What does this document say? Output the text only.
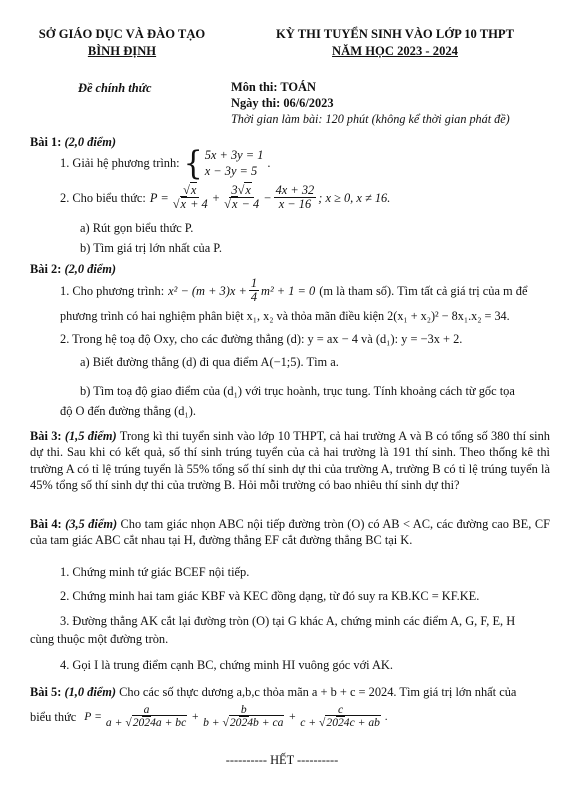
SỞ GIÁO DỤC VÀ ĐÀO TẠO
BÌNH ĐỊNH
KỲ THI TUYỂN SINH VÀO LỚP 10 THPT
NĂM HỌC 2023 - 2024
Đề chính thức	Môn thi: TOÁN
Ngày thi: 06/6/2023
Thời gian làm bài: 120 phút (không kể thời gian phát đề)
Bài 1: (2,0 điểm)
1. Giải hệ phương trình: { 5x + 3y = 1
x − 3y = 5
.
2. Cho biểu thức: $P = \frac{√x}{√x + 4} + \frac{3√x}{√x - 4} - \frac{4x + 32}{x - 16}$ ; x ≥ 0, x ≠ 16.
a) Rút gọn biểu thức P.
b) Tìm giá trị lớn nhất của P.
Bài 2: (2,0 điểm)
1. Cho phương trình: $x^2 - (m + 3)x + \frac{1}{4} m^2 + 1 = 0$ (m là tham số). Tìm tất cả giá trị của m để
phương trình có hai nghiệm phân biệt x₁, x₂ và thỏa mãn điều kiện 2(x₁ + x₂)² − 8x₁.x₂ = 34.
2. Trong hệ toạ độ Oxy, cho các đường thẳng (d): y = ax − 4 và (d₁): y = −3x + 2.
a) Biết đường thẳng (d) đi qua điểm A(−1;5). Tìm a.
b) Tìm toạ độ giao điểm của (d₁) với trục hoành, trục tung. Tính khoảng cách từ gốc tọa
độ O đến đường thẳng (d₁).
Bài 3: (1,5 điểm) Trong kì thi tuyển sinh vào lớp 10 THPT, cả hai trường A và B có tổng số 380 thí sinh dự thi. Sau khi có kết quả, số thí sinh trúng tuyển của cả hai trường là 191 thí sinh. Theo thống kê thì trường A có tỉ lệ trúng tuyển là 55% tổng số thí sinh dự thi của trường A, trường B có tỉ lệ trúng tuyển là 45% tổng số thí sinh dự thi của trường B. Hỏi mỗi trường có bao nhiêu thí sinh dự thi?
Bài 4: (3,5 điểm) Cho tam giác nhọn ABC nội tiếp đường tròn (O) có AB < AC, các đường cao BE, CF của tam giác ABC cắt nhau tại H, đường thẳng EF cắt đường thẳng BC tại K.
1. Chứng minh tứ giác BCEF nội tiếp.
2. Chứng minh hai tam giác KBF và KEC đồng dạng, từ đó suy ra KB.KC = KF.KE.
3. Đường thẳng AK cắt lại đường tròn (O) tại G khác A, chứng minh các điểm A, G, F, E, H
cùng thuộc một đường tròn.
4. Gọi I là trung điểm cạnh BC, chứng minh HI vuông góc với AK.
Bài 5: (1,0 điểm) Cho các số thực dương a,b,c thỏa mãn a + b + c = 2024. Tìm giá trị lớn nhất của
biểu thức $P = \frac{a}{a + √2024a + bc} + \frac{b}{b + √2024b + ca} + \frac{c}{c + √2024c + ab}$ .
---------- HẾT ----------
